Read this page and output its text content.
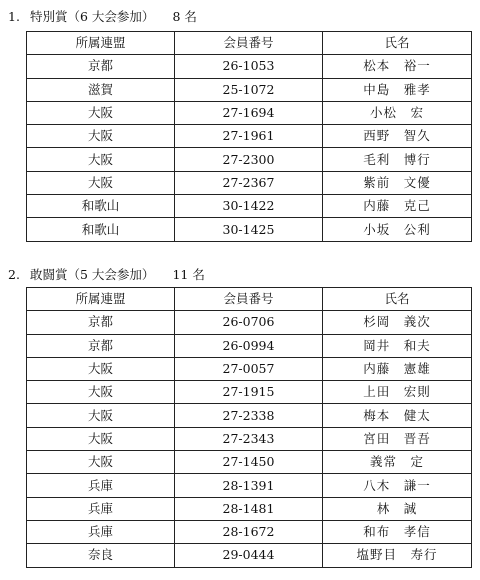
1. 特別賞（6 大会参加） 8 名
所属連盟	会員番号	氏名
京都	26-1053	松本　裕一
滋賀	25-1072	中島　雅孝
大阪	27-1694	小松　宏
大阪	27-1961	西野　智久
大阪	27-2300	毛利　博行
大阪	27-2367	紫前　文優
和歌山	30-1422	内藤　克己
和歌山	30-1425	小坂　公利
2. 敢闘賞（5 大会参加） 11 名
所属連盟	会員番号	氏名
京都	26-0706	杉岡　義次
京都	26-0994	岡井　和夫
大阪	27-0057	内藤　憲雄
大阪	27-1915	上田　宏則
大阪	27-2338	梅本　健太
大阪	27-2343	宮田　晋吾
大阪	27-1450	義常　定
兵庫	28-1391	八木　謙一
兵庫	28-1481	林　誠
兵庫	28-1672	和布　孝信
奈良	29-0444	塩野目　寿行
